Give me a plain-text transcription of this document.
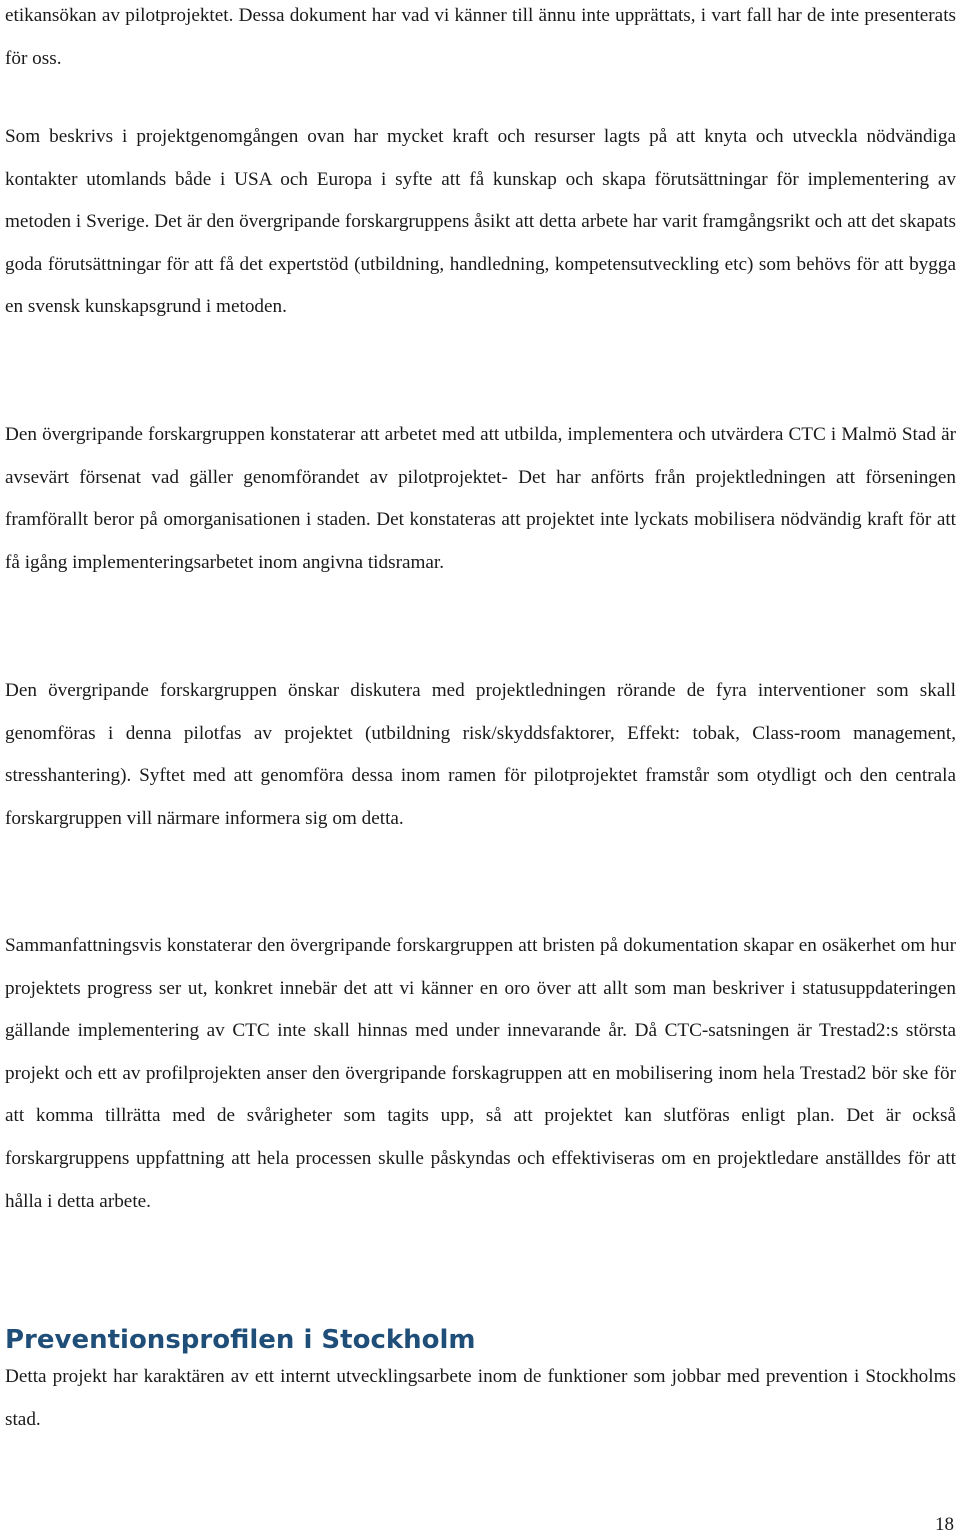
etikansökan av pilotprojektet. Dessa dokument har vad vi känner till ännu inte upprättats, i vart fall har de inte presenterats för oss.

Som beskrivs i projektgenomgången ovan har mycket kraft och resurser lagts på att knyta och utveckla nödvändiga kontakter utomlands både i USA och Europa i syfte att få kunskap och skapa förutsättningar för implementering av metoden i Sverige. Det är den övergripande forskargruppens åsikt att detta arbete har varit framgångsrikt och att det skapats goda förutsättningar för att få det expertstöd (utbildning, handledning, kompetensutveckling etc) som behövs för att bygga en svensk kunskapsgrund i metoden.

Den övergripande forskargruppen konstaterar att arbetet med att utbilda, implementera och utvärdera CTC i Malmö Stad är avsevärt försenat vad gäller genomförandet av pilotprojektet- Det har anförts från projektledningen att förseningen framförallt beror på omorganisationen i staden. Det konstateras att projektet inte lyckats mobilisera nödvändig kraft för att få igång implementeringsarbetet inom angivna tidsramar.

Den övergripande forskargruppen önskar diskutera med projektledningen rörande de fyra interventioner som skall genomföras i denna pilotfas av projektet (utbildning risk/skyddsfaktorer, Effekt: tobak, Class-room management, stresshantering). Syftet med att genomföra dessa inom ramen för pilotprojektet framstår som otydligt och den centrala forskargruppen vill närmare informera sig om detta.

Sammanfattningsvis konstaterar den övergripande forskargruppen att bristen på dokumentation skapar en osäkerhet om hur projektets progress ser ut, konkret innebär det att vi känner en oro över att allt som man beskriver i statusuppdateringen gällande implementering av CTC inte skall hinnas med under innevarande år. Då CTC-satsningen är Trestad2:s största projekt och ett av profilprojekten anser den övergripande forskagruppen att en mobilisering inom hela Trestad2 bör ske för att komma tillrätta med de svårigheter som tagits upp, så att projektet kan slutföras enligt plan. Det är också forskargruppens uppfattning att hela processen skulle påskyndas och effektiviseras om en projektledare anställdes för att hålla i detta arbete.

Preventionsprofilen i Stockholm

Detta projekt har karaktären av ett internt utvecklingsarbete inom de funktioner som jobbar med prevention i Stockholms stad.

18
